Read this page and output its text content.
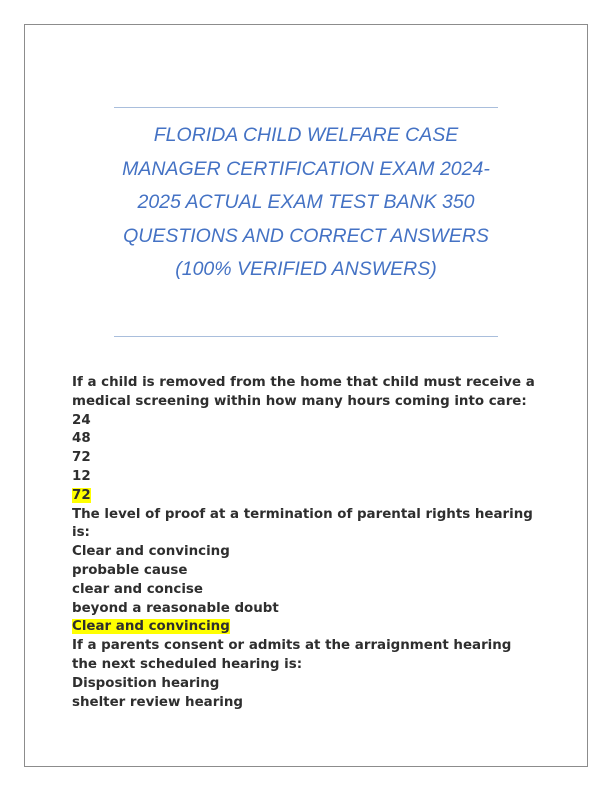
FLORIDA CHILD WELFARE CASE
MANAGER CERTIFICATION EXAM 2024-
2025 ACTUAL EXAM TEST BANK 350
QUESTIONS AND CORRECT ANSWERS
(100% VERIFIED ANSWERS)
If a child is removed from the home that child must receive a
medical screening within how many hours coming into care:
24
48
72
12
72
The level of proof at a termination of parental rights hearing
is:
Clear and convincing
probable cause
clear and concise
beyond a reasonable doubt
Clear and convincing
If a parents consent or admits at the arraignment hearing
the next scheduled hearing is:
Disposition hearing
shelter review hearing
